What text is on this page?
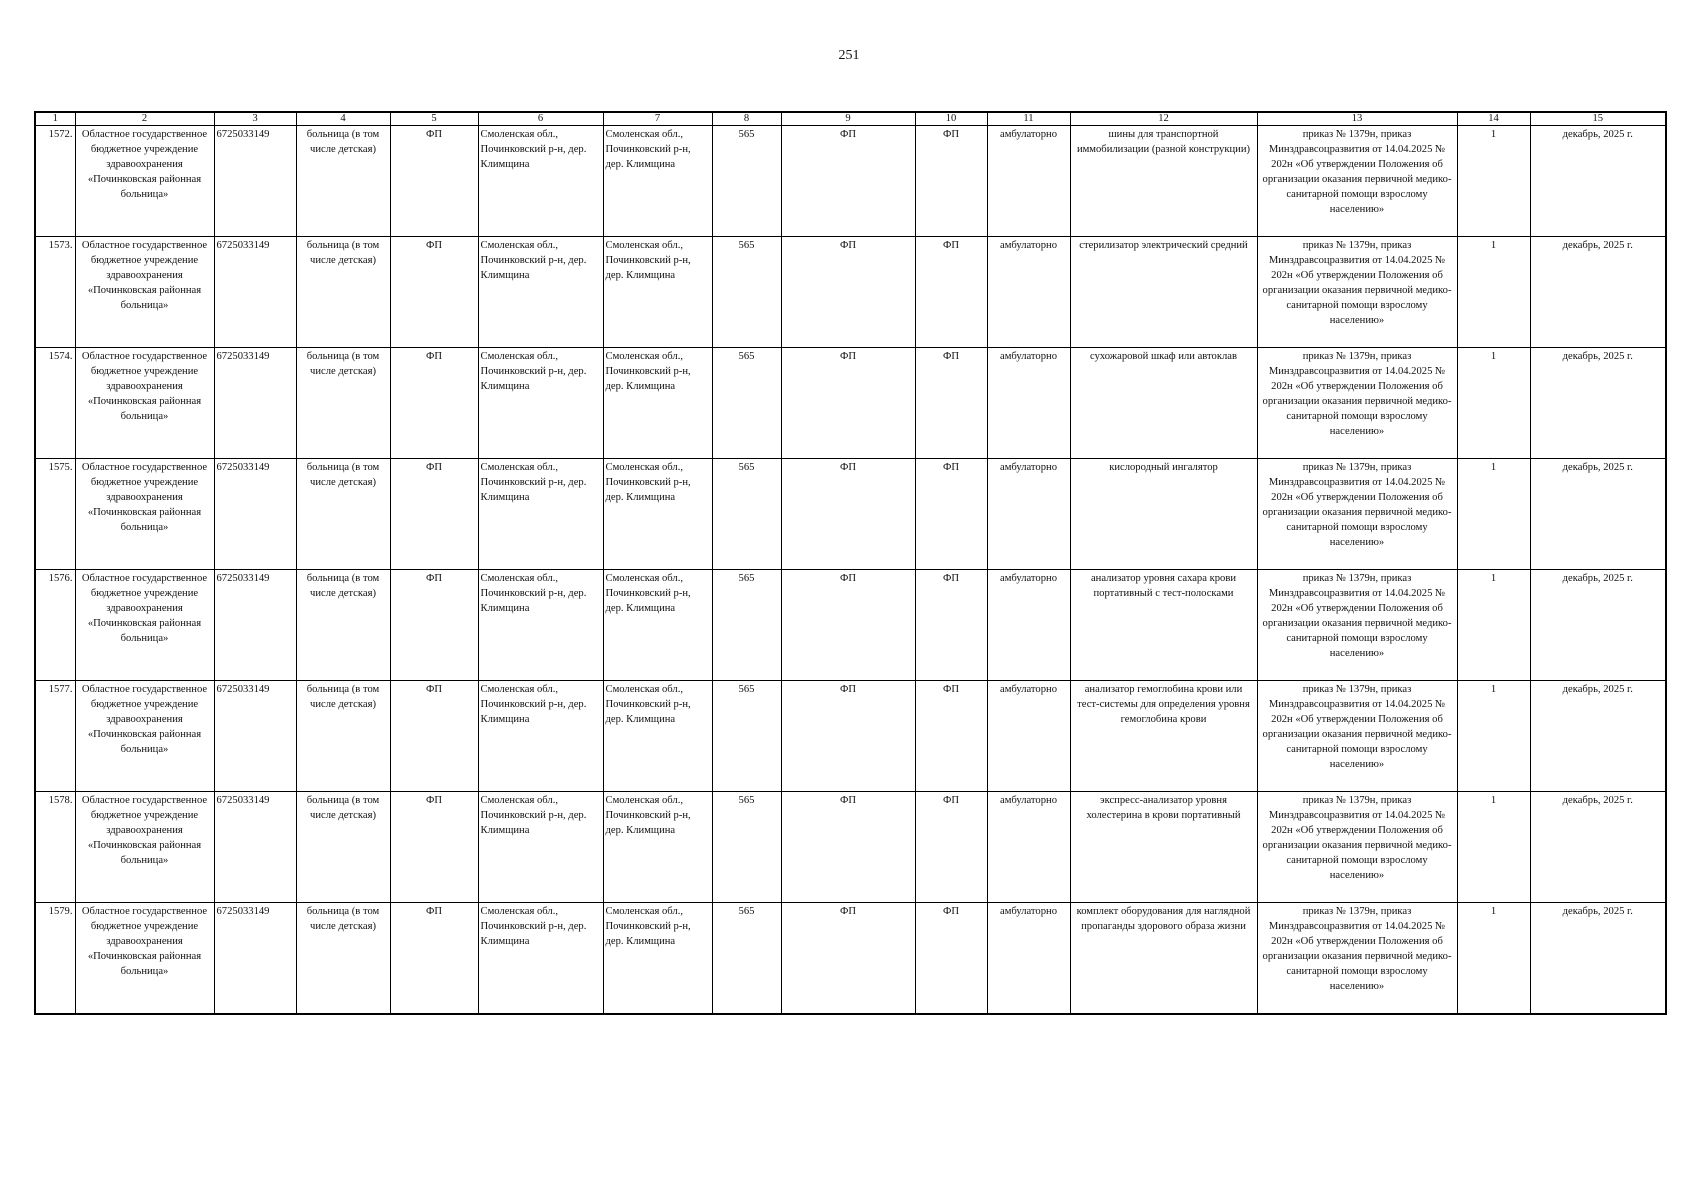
251
1	2	3	4	5	6	7	8	9	10	11	12	13	14	15
1572.	Областное государственное бюджетное учреждение здравоохранения «Починковская районная больница»	6725033149	больница (в том числе детская)	ФП	Смоленская обл., Починковский р-н, дер. Климщина	Смоленская обл., Починковский р-н, дер. Климщина	565	ФП	ФП	амбулаторно	шины для транспортной иммобилизации (разной конструкции)	приказ № 1379н, приказ Минздравсоцразвития от 14.04.2025 № 202н «Об утверждении Положения об организации оказания первичной медико-санитарной помощи взрослому населению»	1	декабрь, 2025 г.
1573.	Областное государственное бюджетное учреждение здравоохранения «Починковская районная больница»	6725033149	больница (в том числе детская)	ФП	Смоленская обл., Починковский р-н, дер. Климщина	Смоленская обл., Починковский р-н, дер. Климщина	565	ФП	ФП	амбулаторно	стерилизатор электрический средний	приказ № 1379н, приказ Минздравсоцразвития от 14.04.2025 № 202н «Об утверждении Положения об организации оказания первичной медико-санитарной помощи взрослому населению»	1	декабрь, 2025 г.
1574.	Областное государственное бюджетное учреждение здравоохранения «Починковская районная больница»	6725033149	больница (в том числе детская)	ФП	Смоленская обл., Починковский р-н, дер. Климщина	Смоленская обл., Починковский р-н, дер. Климщина	565	ФП	ФП	амбулаторно	сухожаровой шкаф или автоклав	приказ № 1379н, приказ Минздравсоцразвития от 14.04.2025 № 202н «Об утверждении Положения об организации оказания первичной медико-санитарной помощи взрослому населению»	1	декабрь, 2025 г.
1575.	Областное государственное бюджетное учреждение здравоохранения «Починковская районная больница»	6725033149	больница (в том числе детская)	ФП	Смоленская обл., Починковский р-н, дер. Климщина	Смоленская обл., Починковский р-н, дер. Климщина	565	ФП	ФП	амбулаторно	кислородный ингалятор	приказ № 1379н, приказ Минздравсоцразвития от 14.04.2025 № 202н «Об утверждении Положения об организации оказания первичной медико-санитарной помощи взрослому населению»	1	декабрь, 2025 г.
1576.	Областное государственное бюджетное учреждение здравоохранения «Починковская районная больница»	6725033149	больница (в том числе детская)	ФП	Смоленская обл., Починковский р-н, дер. Климщина	Смоленская обл., Починковский р-н, дер. Климщина	565	ФП	ФП	амбулаторно	анализатор уровня сахара крови портативный с тест-полосками	приказ № 1379н, приказ Минздравсоцразвития от 14.04.2025 № 202н «Об утверждении Положения об организации оказания первичной медико-санитарной помощи взрослому населению»	1	декабрь, 2025 г.
1577.	Областное государственное бюджетное учреждение здравоохранения «Починковская районная больница»	6725033149	больница (в том числе детская)	ФП	Смоленская обл., Починковский р-н, дер. Климщина	Смоленская обл., Починковский р-н, дер. Климщина	565	ФП	ФП	амбулаторно	анализатор гемоглобина крови или тест-системы для определения уровня гемоглобина крови	приказ № 1379н, приказ Минздравсоцразвития от 14.04.2025 № 202н «Об утверждении Положения об организации оказания первичной медико-санитарной помощи взрослому населению»	1	декабрь, 2025 г.
1578.	Областное государственное бюджетное учреждение здравоохранения «Починковская районная больница»	6725033149	больница (в том числе детская)	ФП	Смоленская обл., Починковский р-н, дер. Климщина	Смоленская обл., Починковский р-н, дер. Климщина	565	ФП	ФП	амбулаторно	экспресс-анализатор уровня холестерина в крови портативный	приказ № 1379н, приказ Минздравсоцразвития от 14.04.2025 № 202н «Об утверждении Положения об организации оказания первичной медико-санитарной помощи взрослому населению»	1	декабрь, 2025 г.
1579.	Областное государственное бюджетное учреждение здравоохранения «Починковская районная больница»	6725033149	больница (в том числе детская)	ФП	Смоленская обл., Починковский р-н, дер. Климщина	Смоленская обл., Починковский р-н, дер. Климщина	565	ФП	ФП	амбулаторно	комплект оборудования для наглядной пропаганды здорового образа жизни	приказ № 1379н, приказ Минздравсоцразвития от 14.04.2025 № 202н «Об утверждении Положения об организации оказания первичной медико-санитарной помощи взрослому населению»	1	декабрь, 2025 г.
